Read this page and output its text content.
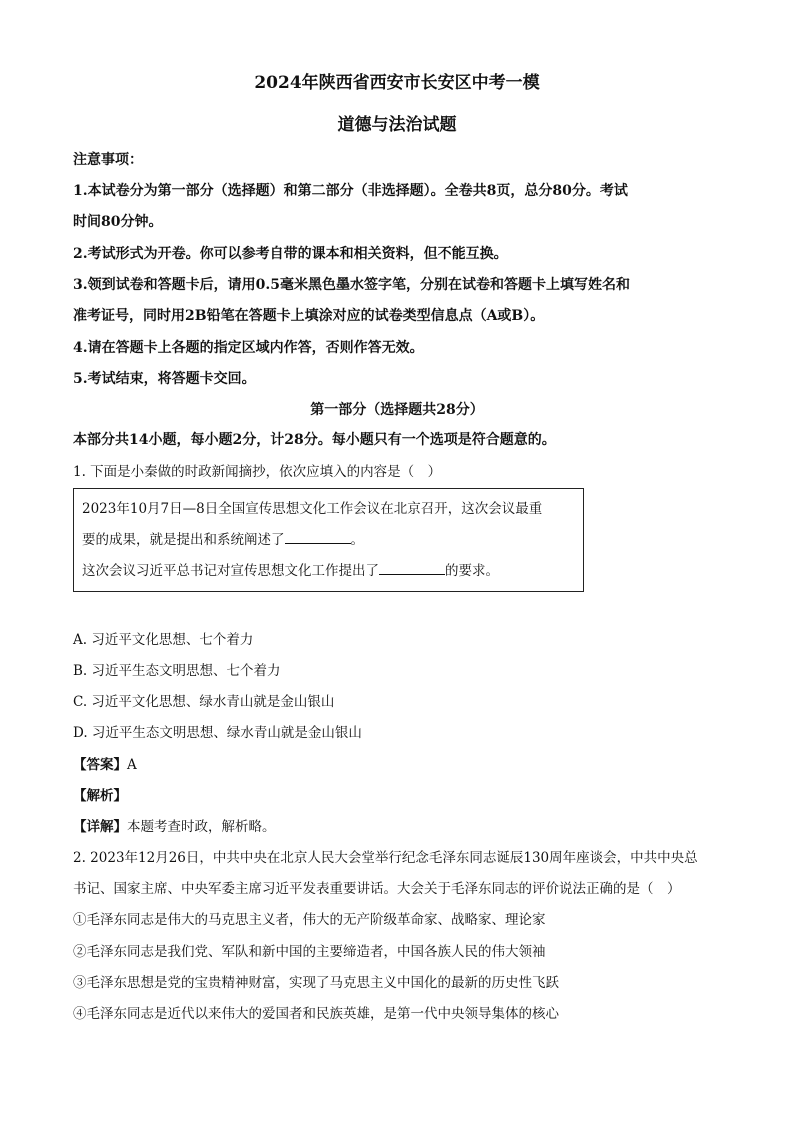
2024年陕西省西安市长安区中考一模
道德与法治试题
注意事项：
1.本试卷分为第一部分（选择题）和第二部分（非选择题）。全卷共8页，总分80分。考试
时间80分钟。
2.考试形式为开卷。你可以参考自带的课本和相关资料，但不能互换。
3.领到试卷和答题卡后，请用0.5毫米黑色墨水签字笔，分别在试卷和答题卡上填写姓名和
准考证号，同时用2B铅笔在答题卡上填涂对应的试卷类型信息点（A或B）。
4.请在答题卡上各题的指定区域内作答，否则作答无效。
5.考试结束，将答题卡交回。
第一部分（选择题共28分）
本部分共14小题，每小题2分，计28分。每小题只有一个选项是符合题意的。
1. 下面是小秦做的时政新闻摘抄，依次应填入的内容是（　）
2023年10月7日—8日全国宣传思想文化工作会议在北京召开，这次会议最重
要的成果，就是提出和系统阐述了	。
这次会议习近平总书记对宣传思想文化工作提出了	的要求。
A. 习近平文化思想、七个着力
B. 习近平生态文明思想、七个着力
C. 习近平文化思想、绿水青山就是金山银山
D. 习近平生态文明思想、绿水青山就是金山银山
【答案】A
【解析】
【详解】本题考查时政，解析略。
2. 2023年12月26日，中共中央在北京人民大会堂举行纪念毛泽东同志诞辰130周年座谈会，中共中央总
书记、国家主席、中央军委主席习近平发表重要讲话。大会关于毛泽东同志的评价说法正确的是（　）
①毛泽东同志是伟大的马克思主义者，伟大的无产阶级革命家、战略家、理论家
②毛泽东同志是我们党、军队和新中国的主要缔造者，中国各族人民的伟大领袖
③毛泽东思想是党的宝贵精神财富，实现了马克思主义中国化的最新的历史性飞跃
④毛泽东同志是近代以来伟大的爱国者和民族英雄，是第一代中央领导集体的核心
